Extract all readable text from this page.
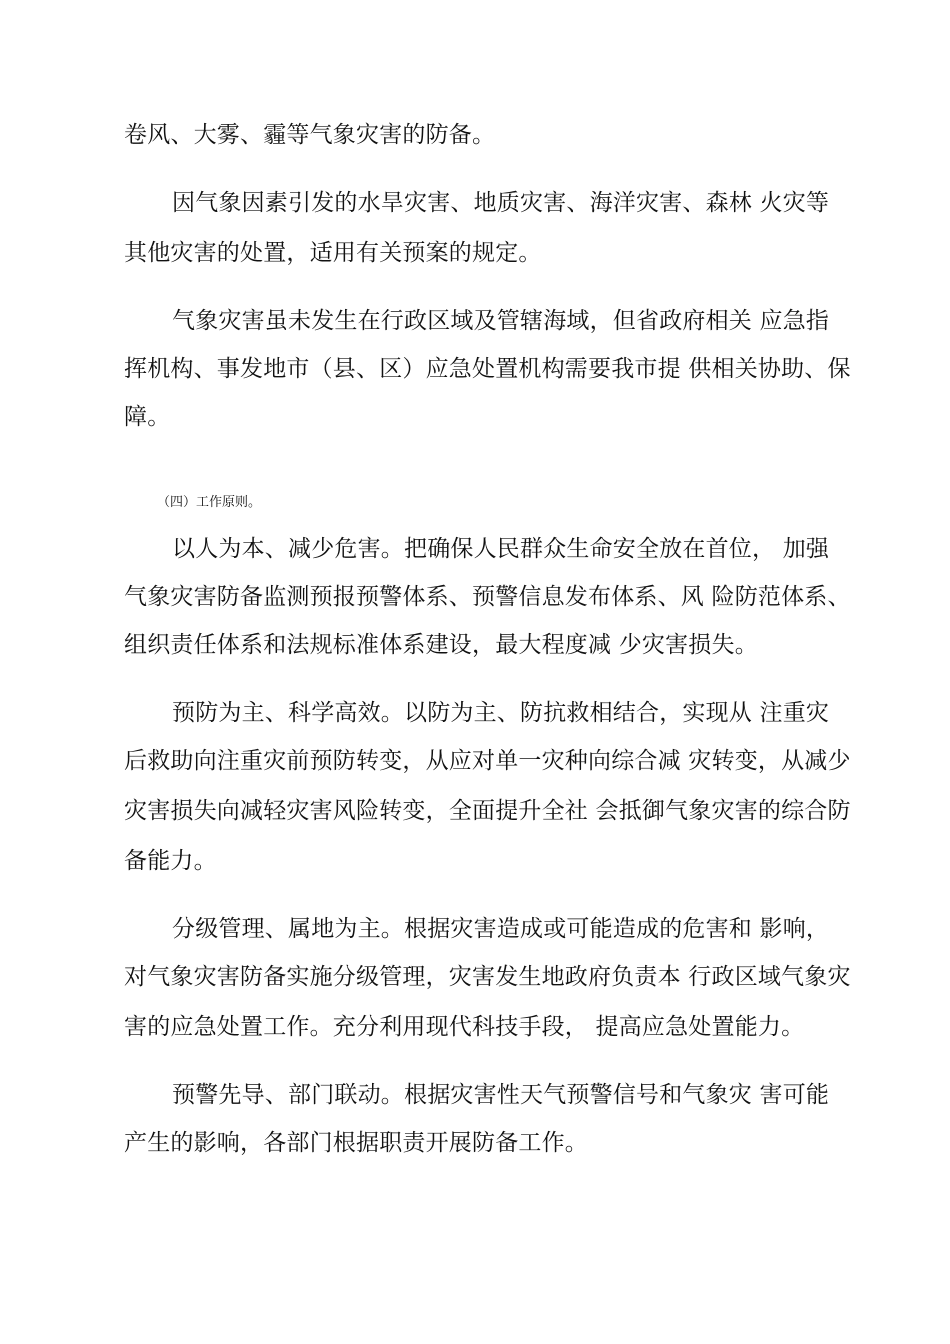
卷风、大雾、霾等气象灾害的防备。
因气象因素引发的水旱灾害、地质灾害、海洋灾害、森林 火灾等
其他灾害的处置，适用有关预案的规定。
气象灾害虽未发生在行政区域及管辖海域，但省政府相关 应急指
挥机构、事发地市（县、区）应急处置机构需要我市提 供相关协助、保
障。
（四）工作原则。
以人为本、减少危害。把确保人民群众生命安全放在首位， 加强
气象灾害防备监测预报预警体系、预警信息发布体系、风 险防范体系、
组织责任体系和法规标准体系建设，最大程度减 少灾害损失。
预防为主、科学高效。以防为主、防抗救相结合，实现从 注重灾
后救助向注重灾前预防转变，从应对单一灾种向综合减 灾转变，从减少
灾害损失向减轻灾害风险转变，全面提升全社 会抵御气象灾害的综合防
备能力。
分级管理、属地为主。根据灾害造成或可能造成的危害和 影响，
对气象灾害防备实施分级管理，灾害发生地政府负责本 行政区域气象灾
害的应急处置工作。充分利用现代科技手段， 提高应急处置能力。
预警先导、部门联动。根据灾害性天气预警信号和气象灾 害可能
产生的影响，各部门根据职责开展防备工作。
